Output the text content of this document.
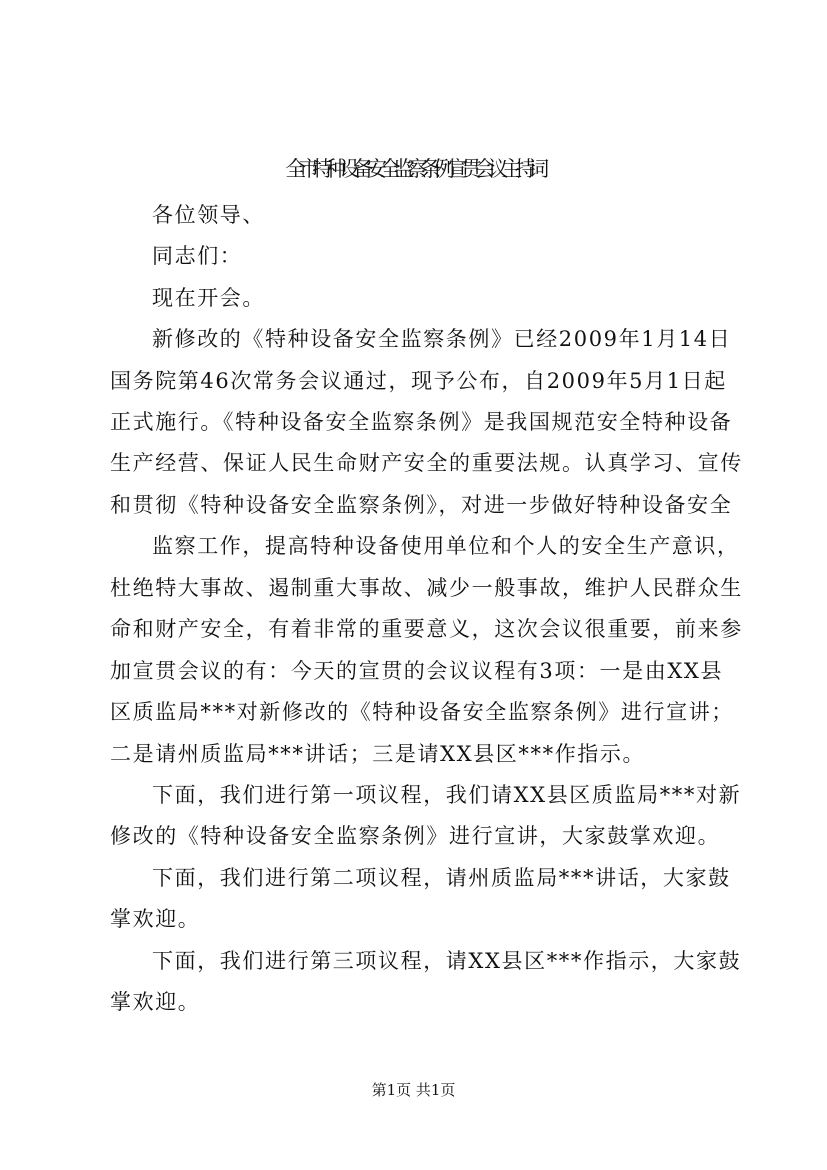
全市特种设备安全监察条例宣贯会议主持词
各位领导、
同志们：
现在开会。
新修改的《特种设备安全监察条例》已经2009年1月14日
国务院第46次常务会议通过，现予公布，自2009年5月1日起
正式施行。《特种设备安全监察条例》是我国规范安全特种设备
生产经营、保证人民生命财产安全的重要法规。认真学习、宣传
和贯彻《特种设备安全监察条例》，对进一步做好特种设备安全
监察工作，提高特种设备使用单位和个人的安全生产意识，
杜绝特大事故、遏制重大事故、减少一般事故，维护人民群众生
命和财产安全，有着非常的重要意义，这次会议很重要，前来参
加宣贯会议的有：今天的宣贯的会议议程有3项：一是由XX县
区质监局***对新修改的《特种设备安全监察条例》进行宣讲；
二是请州质监局***讲话；三是请XX县区***作指示。
下面，我们进行第一项议程，我们请XX县区质监局***对新
修改的《特种设备安全监察条例》进行宣讲，大家鼓掌欢迎。
下面，我们进行第二项议程，请州质监局***讲话，大家鼓
掌欢迎。
下面，我们进行第三项议程，请XX县区***作指示，大家鼓
掌欢迎。
第1页 共1页
